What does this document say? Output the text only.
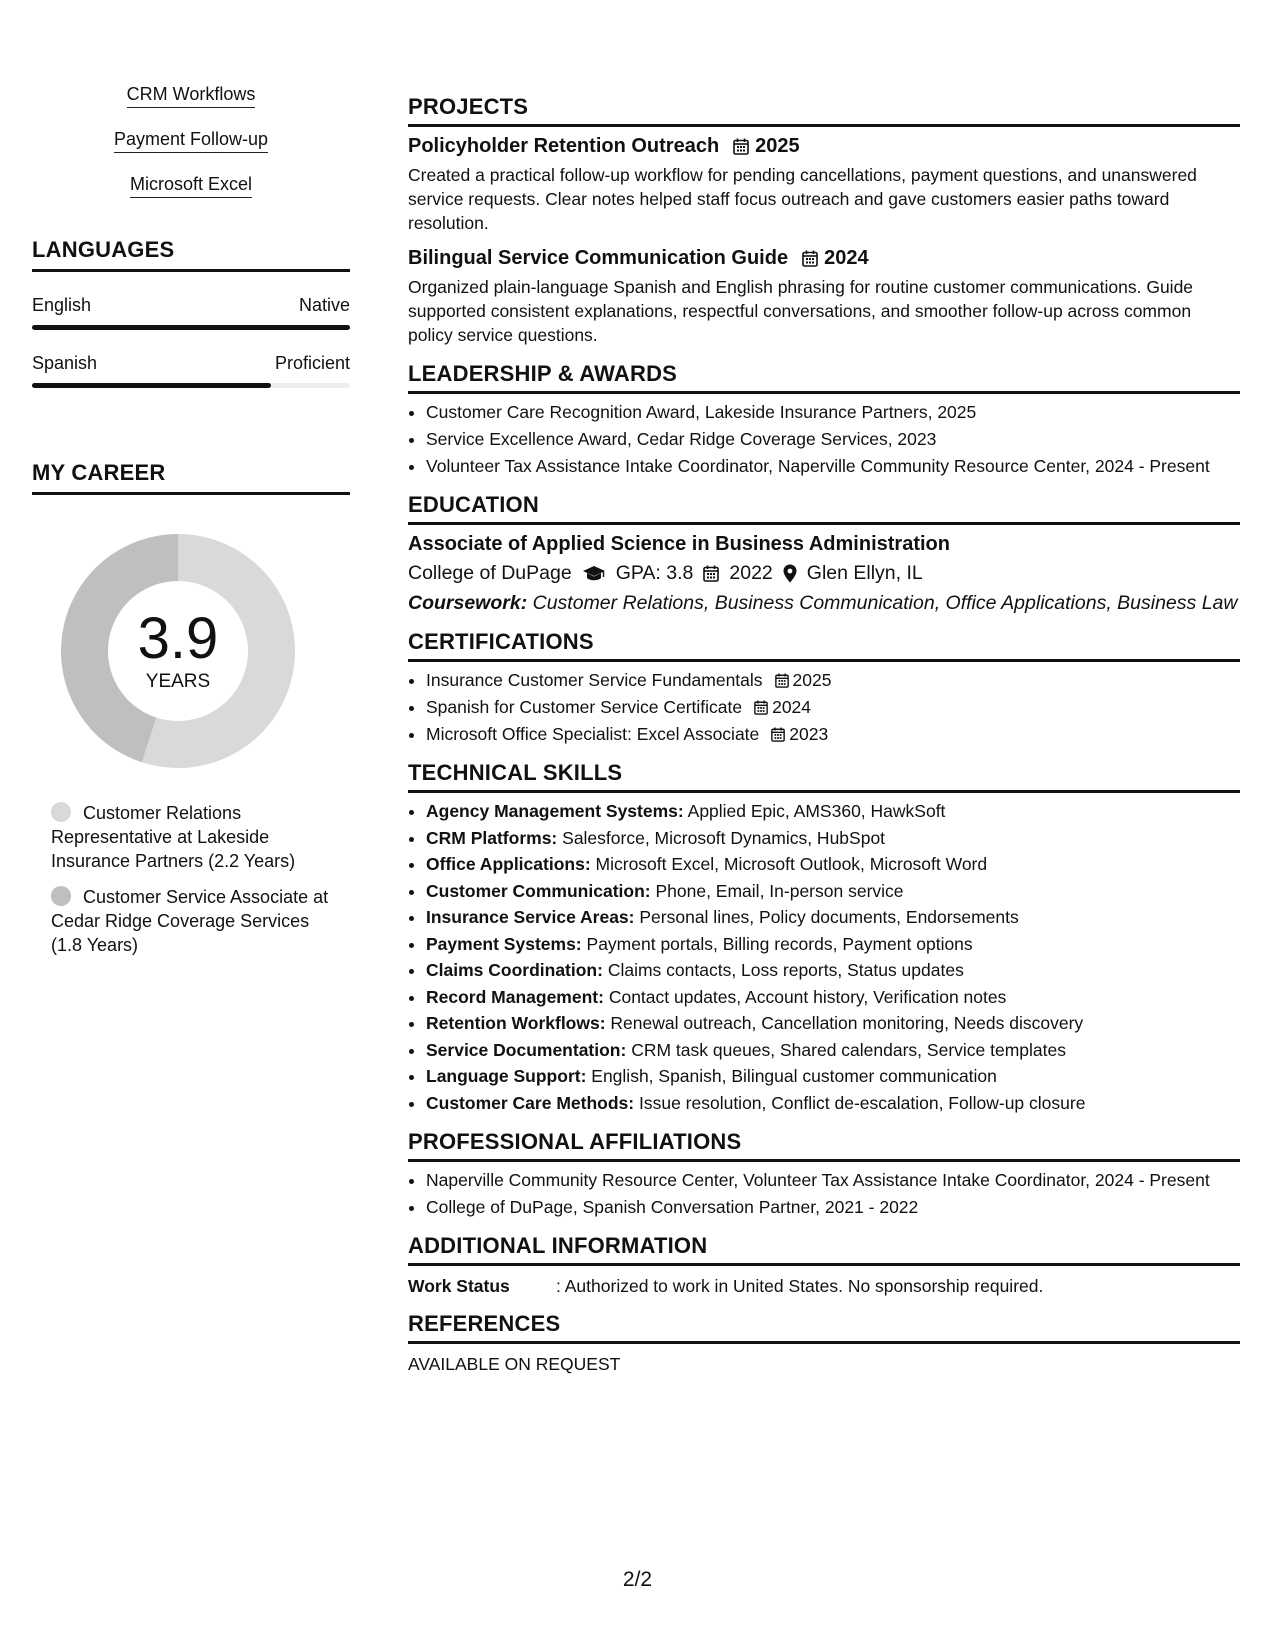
CRM Workflows
Payment Follow-up
Microsoft Excel
LANGUAGES
English	Native
Spanish	Proficient
MY CAREER
3.9
YEARS
Customer Relations Representative at Lakeside Insurance Partners (2.2 Years)
Customer Service Associate at Cedar Ridge Coverage Services (1.8 Years)
PROJECTS
Policyholder Retention Outreach 2025
Created a practical follow-up workflow for pending cancellations, payment questions, and unanswered service requests. Clear notes helped staff focus outreach and gave customers easier paths toward resolution.
Bilingual Service Communication Guide 2024
Organized plain-language Spanish and English phrasing for routine customer communications. Guide supported consistent explanations, respectful conversations, and smoother follow-up across common policy service questions.
LEADERSHIP & AWARDS
• Customer Care Recognition Award, Lakeside Insurance Partners, 2025
• Service Excellence Award, Cedar Ridge Coverage Services, 2023
• Volunteer Tax Assistance Intake Coordinator, Naperville Community Resource Center, 2024 - Present
EDUCATION
Associate of Applied Science in Business Administration
College of DuPage GPA: 3.8 2022 Glen Ellyn, IL
Coursework: Customer Relations, Business Communication, Office Applications, Business Law
CERTIFICATIONS
• Insurance Customer Service Fundamentals 2025
• Spanish for Customer Service Certificate 2024
• Microsoft Office Specialist: Excel Associate 2023
TECHNICAL SKILLS
• Agency Management Systems: Applied Epic, AMS360, HawkSoft
• CRM Platforms: Salesforce, Microsoft Dynamics, HubSpot
• Office Applications: Microsoft Excel, Microsoft Outlook, Microsoft Word
• Customer Communication: Phone, Email, In-person service
• Insurance Service Areas: Personal lines, Policy documents, Endorsements
• Payment Systems: Payment portals, Billing records, Payment options
• Claims Coordination: Claims contacts, Loss reports, Status updates
• Record Management: Contact updates, Account history, Verification notes
• Retention Workflows: Renewal outreach, Cancellation monitoring, Needs discovery
• Service Documentation: CRM task queues, Shared calendars, Service templates
• Language Support: English, Spanish, Bilingual customer communication
• Customer Care Methods: Issue resolution, Conflict de-escalation, Follow-up closure
PROFESSIONAL AFFILIATIONS
• Naperville Community Resource Center, Volunteer Tax Assistance Intake Coordinator, 2024 - Present
• College of DuPage, Spanish Conversation Partner, 2021 - 2022
ADDITIONAL INFORMATION
Work Status	: Authorized to work in United States. No sponsorship required.
REFERENCES
AVAILABLE ON REQUEST
2/2
